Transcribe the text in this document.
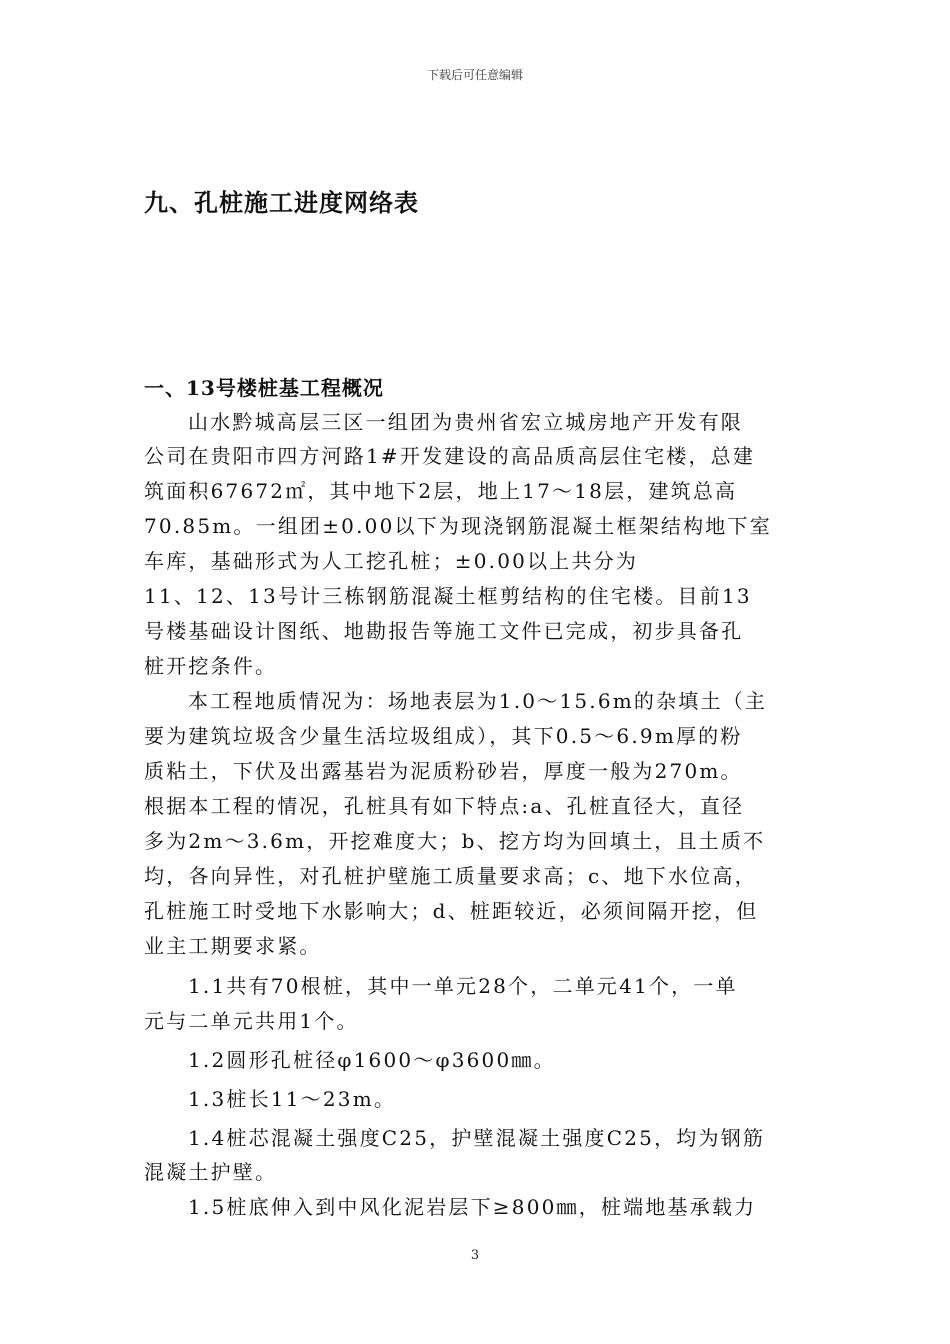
下载后可任意编辑
九、孔桩施工进度网络表
一、13号楼桩基工程概况
山水黔城高层三区一组团为贵州省宏立城房地产开发有限
公司在贵阳市四方河路1#开发建设的高品质高层住宅楼，总建
筑面积67672㎡，其中地下2层，地上17～18层，建筑总高
70.85m。一组团±0.00以下为现浇钢筋混凝土框架结构地下室
车库，基础形式为人工挖孔桩；±0.00以上共分为
11、12、13号计三栋钢筋混凝土框剪结构的住宅楼。目前13
号楼基础设计图纸、地勘报告等施工文件已完成，初步具备孔
桩开挖条件。
本工程地质情况为：场地表层为1.0～15.6m的杂填土（主
要为建筑垃圾含少量生活垃圾组成），其下0.5～6.9m厚的粉
质粘土，下伏及出露基岩为泥质粉砂岩，厚度一般为270m。
根据本工程的情况，孔桩具有如下特点:a、孔桩直径大，直径
多为2m～3.6m，开挖难度大；b、挖方均为回填土，且土质不
均，各向异性，对孔桩护壁施工质量要求高；c、地下水位高，
孔桩施工时受地下水影响大；d、桩距较近，必须间隔开挖，但
业主工期要求紧。
1.1共有70根桩，其中一单元28个，二单元41个，一单
元与二单元共用1个。
1.2圆形孔桩径φ1600～φ3600㎜。
1.3桩长11～23m。
1.4桩芯混凝土强度C25，护壁混凝土强度C25，均为钢筋
混凝土护壁。
1.5桩底伸入到中风化泥岩层下≥800㎜，桩端地基承载力
3
